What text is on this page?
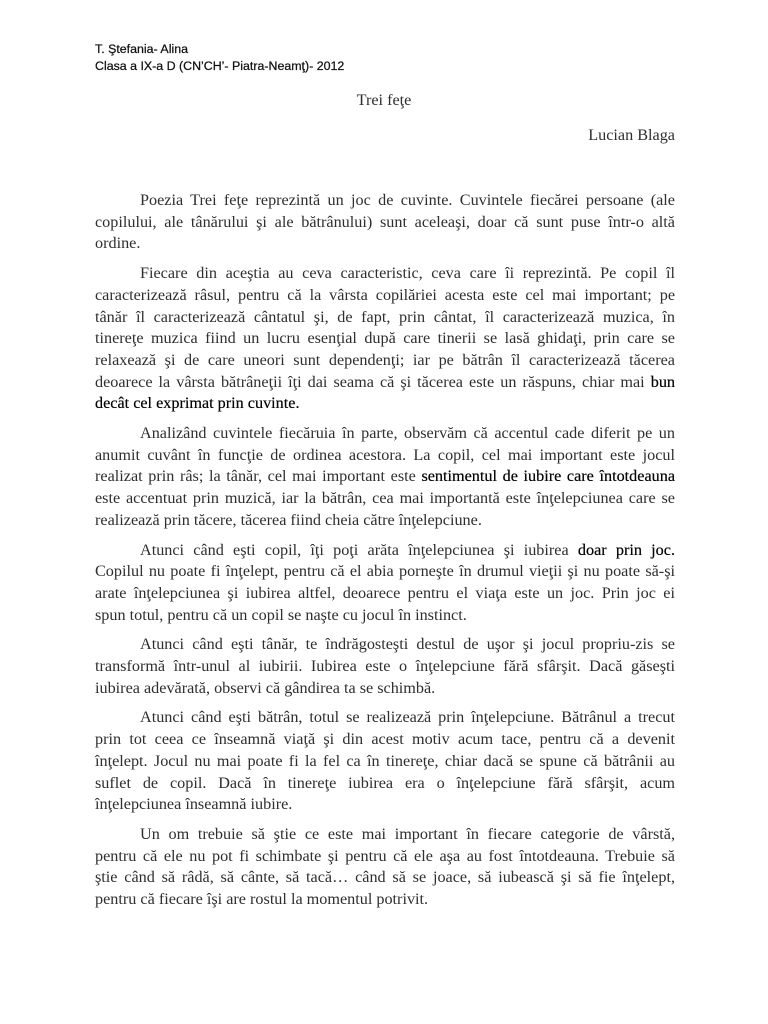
T. Ştefania- Alina
Clasa a IX-a D (CN’CH’- Piatra-Neamţ)- 2012
Trei feţe
Lucian Blaga
Poezia Trei feţe reprezintă un joc de cuvinte. Cuvintele fiecărei persoane (ale
copilului, ale tânărului şi ale bătrânului) sunt aceleaşi, doar că sunt puse într-o altă
ordine.
Fiecare din aceştia au ceva caracteristic, ceva care îi reprezintă. Pe copil îl
caracterizează râsul, pentru că la vârsta copilăriei acesta este cel mai important; pe
tânăr îl caracterizează cântatul şi, de fapt, prin cântat, îl caracterizează muzica, în
tinereţe muzica fiind un lucru esenţial după care tinerii se lasă ghidaţi, prin care se
relaxează şi de care uneori sunt dependenţi; iar pe bătrân îl caracterizează tăcerea
deoarece la vârsta bătrâneţii îţi dai seama că şi tăcerea este un răspuns, chiar mai bun
decât cel exprimat prin cuvinte.
Analizând cuvintele fiecăruia în parte, observăm că accentul cade diferit pe un
anumit cuvânt în funcţie de ordinea acestora. La copil, cel mai important este jocul
realizat prin râs; la tânăr, cel mai important este sentimentul de iubire care întotdeauna
este accentuat prin muzică, iar la bătrân, cea mai importantă este înţelepciunea care se
realizează prin tăcere, tăcerea fiind cheia către înţelepciune.
Atunci când eşti copil, îţi poţi arăta înţelepciunea şi iubirea doar prin joc.
Copilul nu poate fi înţelept, pentru că el abia porneşte în drumul vieţii şi nu poate să-şi
arate înţelepciunea şi iubirea altfel, deoarece pentru el viaţa este un joc. Prin joc ei
spun totul, pentru că un copil se naşte cu jocul în instinct.
Atunci când eşti tânăr, te îndrăgosteşti destul de uşor şi jocul propriu-zis se
transformă într-unul al iubirii. Iubirea este o înţelepciune fără sfârşit. Dacă găseşti
iubirea adevărată, observi că gândirea ta se schimbă.
Atunci când eşti bătrân, totul se realizează prin înţelepciune. Bătrânul a trecut
prin tot ceea ce înseamnă viaţă şi din acest motiv acum tace, pentru că a devenit
înţelept. Jocul nu mai poate fi la fel ca în tinereţe, chiar dacă se spune că bătrânii au
suflet de copil. Dacă în tinereţe iubirea era o înţelepciune fără sfârşit, acum
înţelepciunea înseamnă iubire.
Un om trebuie să ştie ce este mai important în fiecare categorie de vârstă,
pentru că ele nu pot fi schimbate şi pentru că ele aşa au fost întotdeauna. Trebuie să
ştie când să râdă, să cânte, să tacă… când să se joace, să iubească şi să fie înţelept,
pentru că fiecare îşi are rostul la momentul potrivit.
